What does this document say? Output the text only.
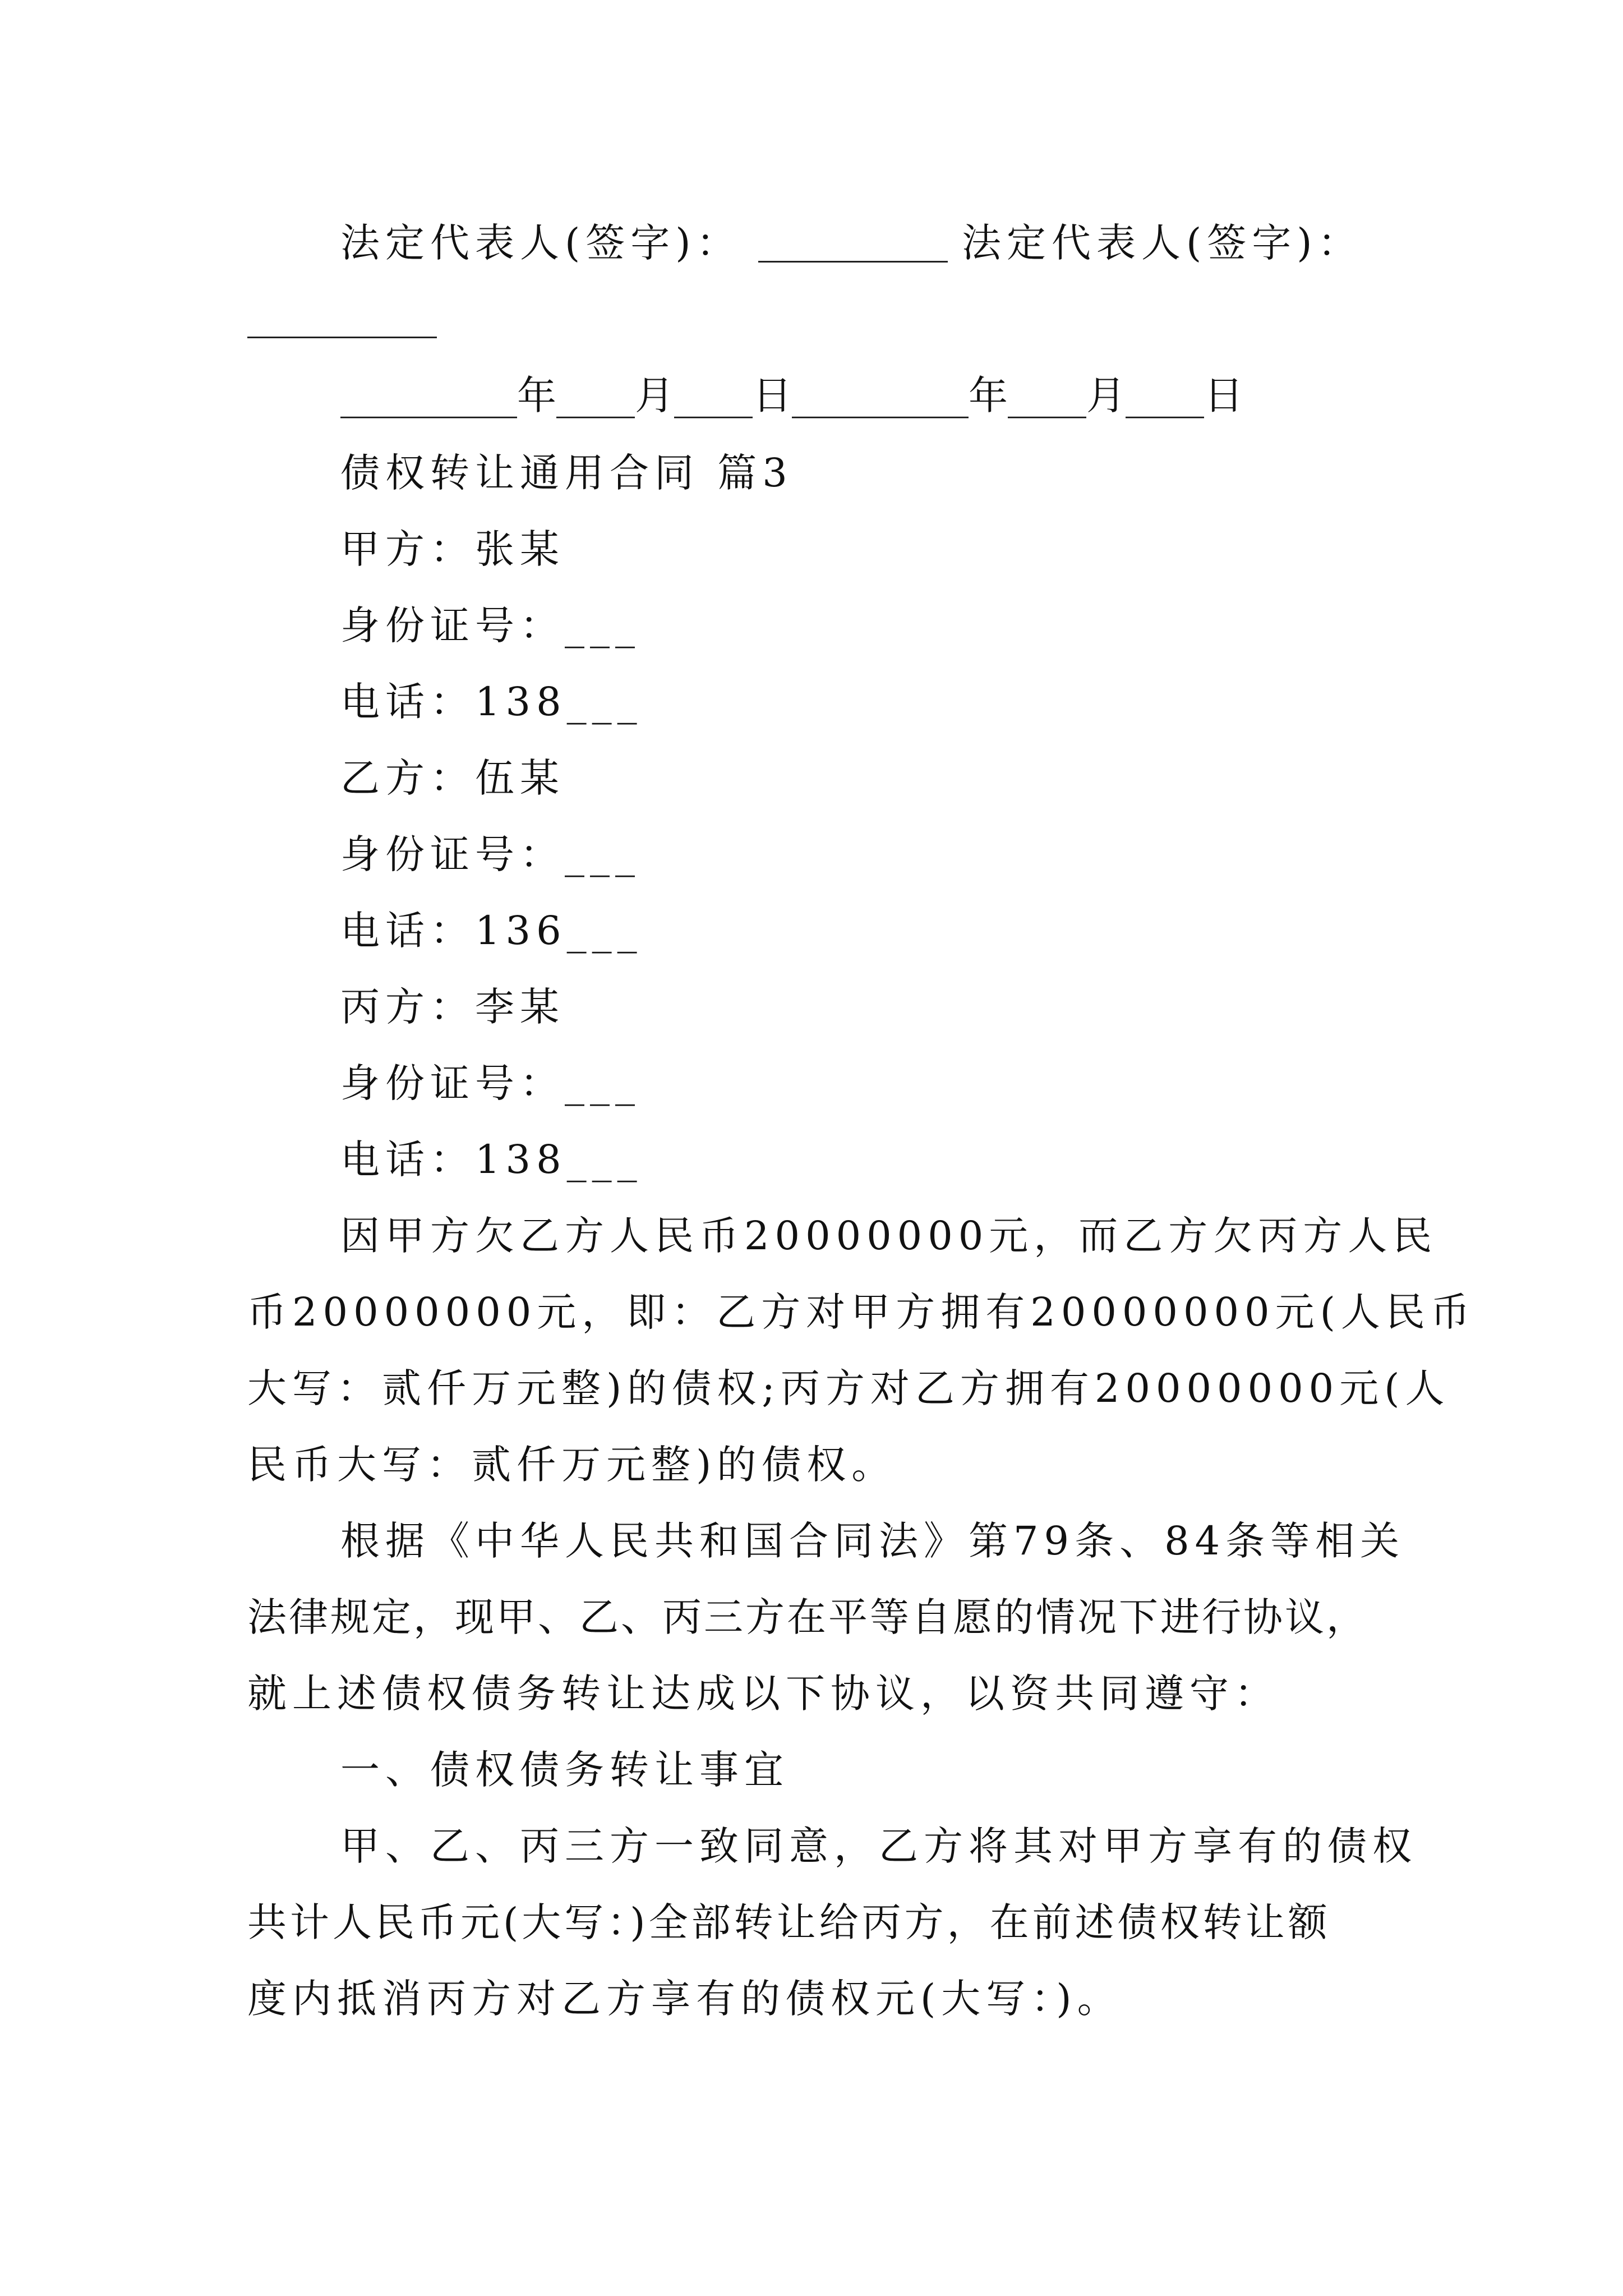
法定代表人(签字)：	法定代表人(签字)：
_________年____月____日_________年____月____日
债权转让通用合同 篇3
甲方：张某
身份证号：___
电话：138___
乙方：伍某
身份证号：___
电话：136___
丙方：李某
身份证号：___
电话：138___
因甲方欠乙方人民币20000000元，而乙方欠丙方人民
币20000000元，即：乙方对甲方拥有20000000元(人民币
大写：贰仟万元整)的债权;丙方对乙方拥有20000000元(人
民币大写：贰仟万元整)的债权。
根据《中华人民共和国合同法》第79条、84条等相关
法律规定，现甲、乙、丙三方在平等自愿的情况下进行协议，
就上述债权债务转让达成以下协议，以资共同遵守：
一、债权债务转让事宜
甲、乙、丙三方一致同意，乙方将其对甲方享有的债权
共计人民币元(大写：)全部转让给丙方，在前述债权转让额
度内抵消丙方对乙方享有的债权元(大写：)。
